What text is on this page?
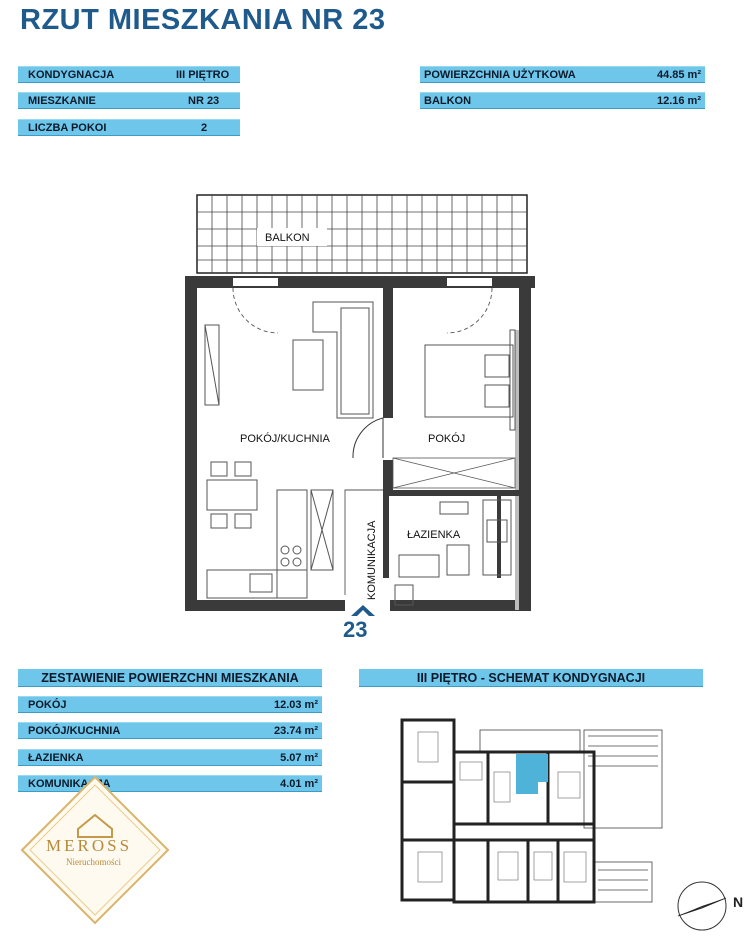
RZUT MIESZKANIA NR 23
KONDYGNACJA	III PIĘTRO
MIESZKANIE	NR 23
LICZBA POKOI	2
POWIERZCHNIA UŻYTKOWA	44.85 m²
BALKON	12.16 m²
BALKON
POKÓJ/KUCHNIA	POKÓJ
ŁAZIENKA
KOMUNIKACJA
23
ZESTAWIENIE POWIERZCHNI MIESZKANIA
POKÓJ	12.03 m²
POKÓJ/KUCHNIA	23.74 m²
ŁAZIENKA	5.07 m²
KOMUNIKACJA	4.01 m²
III PIĘTRO - SCHEMAT KONDYGNACJI
N
MEROSS
Nieruchomości
